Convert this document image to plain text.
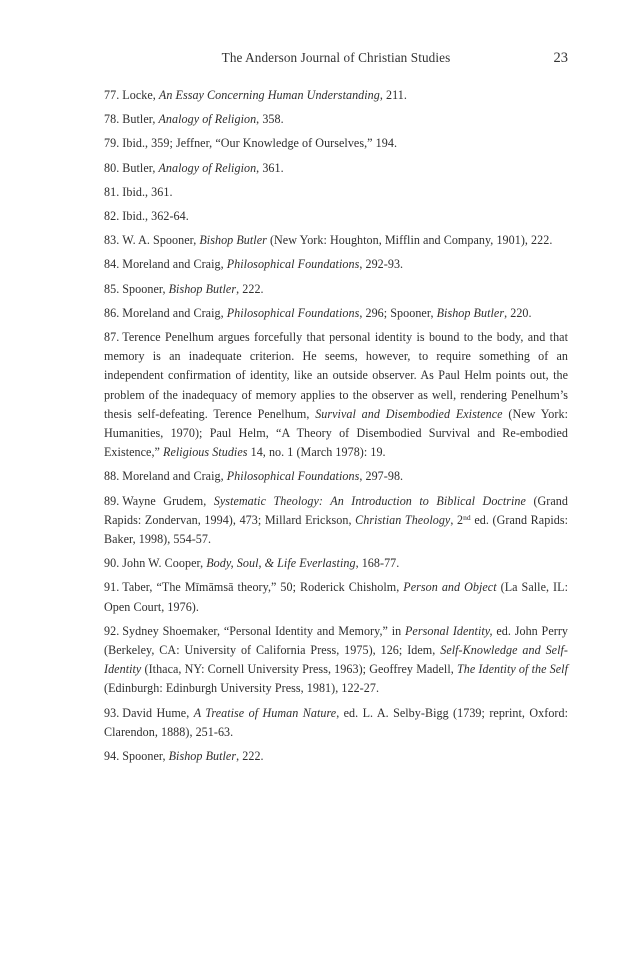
The Anderson Journal of Christian Studies	23

77. Locke, An Essay Concerning Human Understanding, 211.

78. Butler, Analogy of Religion, 358.

79. Ibid., 359; Jeffner, “Our Knowledge of Ourselves,” 194.

80. Butler, Analogy of Religion, 361.

81. Ibid., 361.

82. Ibid., 362-64.

83. W. A. Spooner, Bishop Butler (New York: Houghton, Mifflin and Company, 1901), 222.

84. Moreland and Craig, Philosophical Foundations, 292-93.

85. Spooner, Bishop Butler, 222.

86. Moreland and Craig, Philosophical Foundations, 296; Spooner, Bishop Butler, 220.

87. Terence Penelhum argues forcefully that personal identity is bound to the body, and that memory is an inadequate criterion. He seems, however, to require something of an independent confirmation of identity, like an outside observer. As Paul Helm points out, the problem of the inadequacy of memory applies to the observer as well, rendering Penelhum’s thesis self-defeating. Terence Penelhum, Survival and Disembodied Existence (New York: Humanities, 1970); Paul Helm, “A Theory of Disembodied Survival and Re-embodied Existence,” Religious Studies 14, no. 1 (March 1978): 19.

88. Moreland and Craig, Philosophical Foundations, 297-98.

89. Wayne Grudem, Systematic Theology: An Introduction to Biblical Doctrine (Grand Rapids: Zondervan, 1994), 473; Millard Erickson, Christian Theology, 2nd ed. (Grand Rapids: Baker, 1998), 554-57.

90. John W. Cooper, Body, Soul, & Life Everlasting, 168-77.

91. Taber, “The Mīmāmsā theory,” 50; Roderick Chisholm, Person and Object (La Salle, IL: Open Court, 1976).

92. Sydney Shoemaker, “Personal Identity and Memory,” in Personal Identity, ed. John Perry (Berkeley, CA: University of California Press, 1975), 126; Idem, Self-Knowledge and Self-Identity (Ithaca, NY: Cornell University Press, 1963); Geoffrey Madell, The Identity of the Self (Edinburgh: Edinburgh University Press, 1981), 122-27.

93. David Hume, A Treatise of Human Nature, ed. L. A. Selby-Bigg (1739; reprint, Oxford: Clarendon, 1888), 251-63.

94. Spooner, Bishop Butler, 222.
